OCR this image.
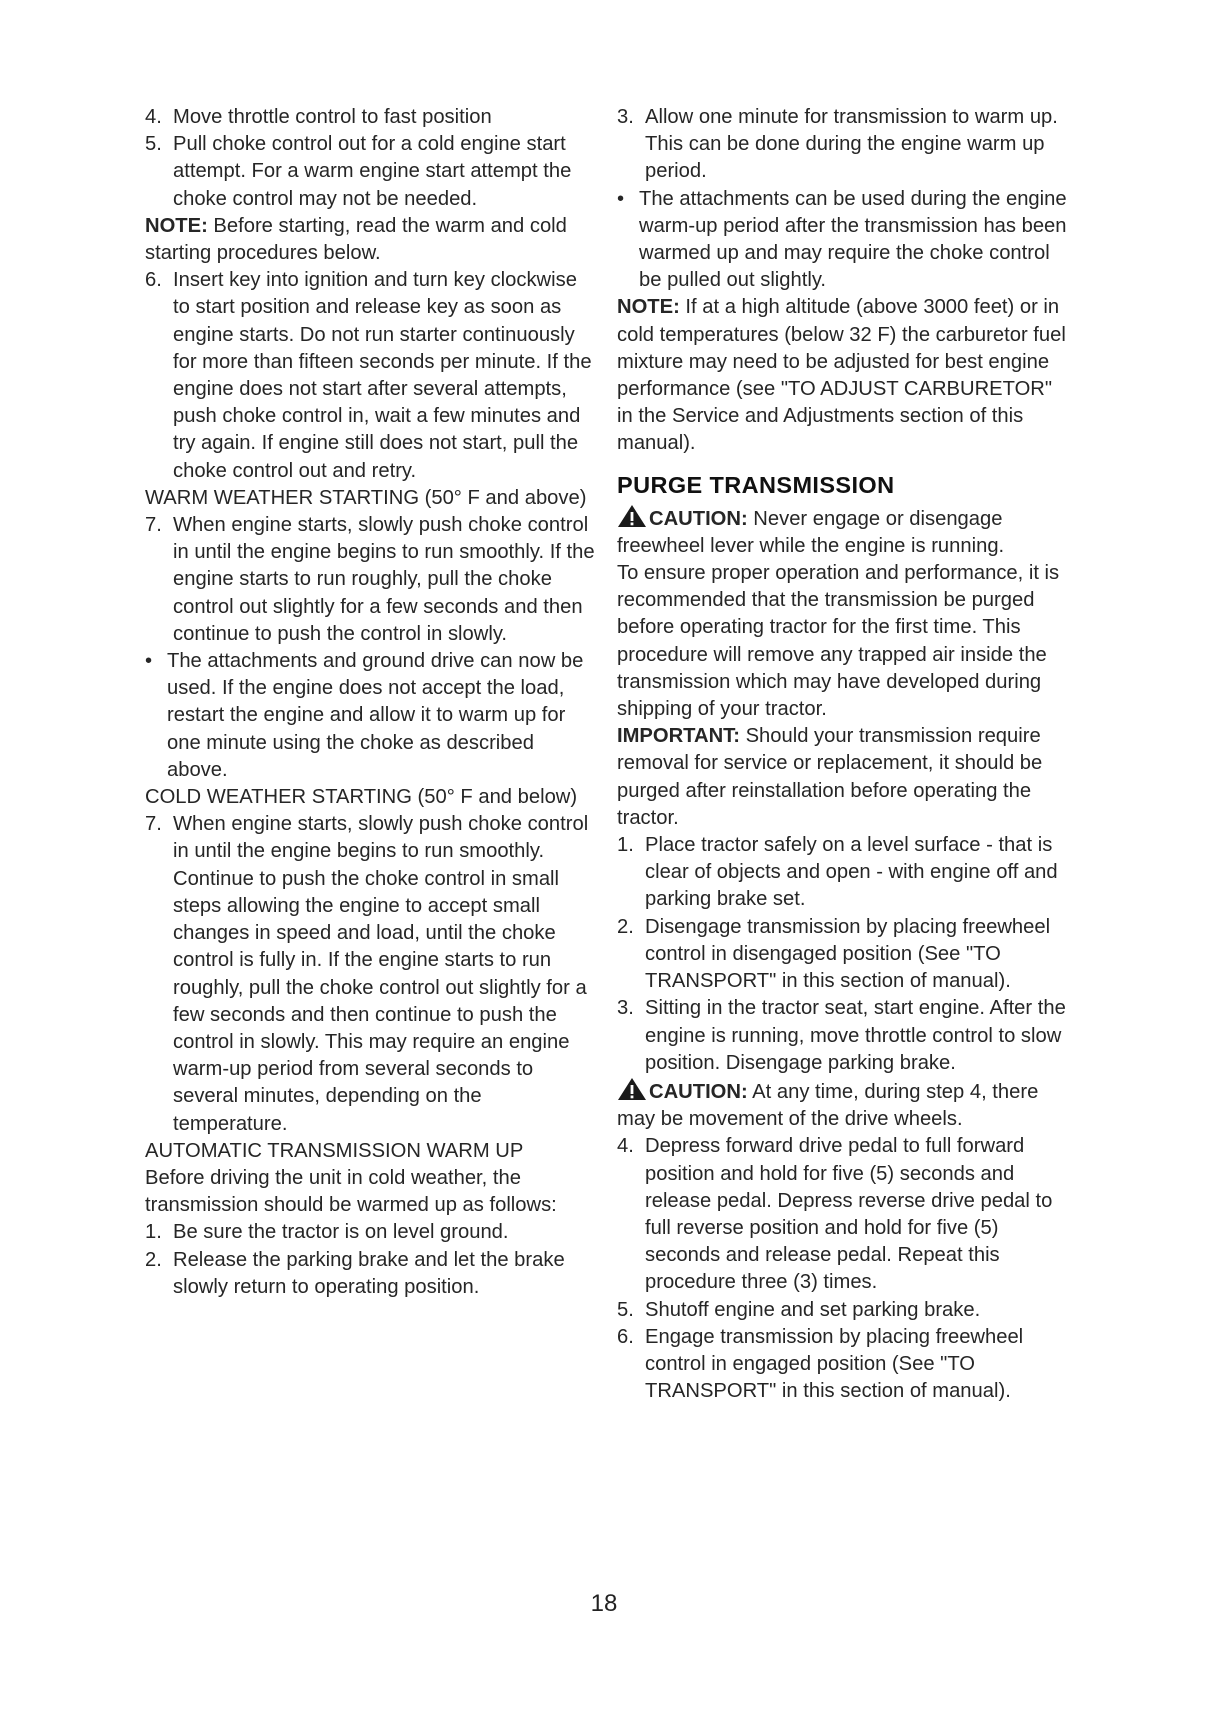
4. Move throttle control to fast position
5. Pull choke control out for a cold engine start attempt. For a warm engine start attempt the choke control may not be needed.

NOTE: Before starting, read the warm and cold starting procedures below.

6. Insert key into ignition and turn key clockwise to start position and release key as soon as engine starts. Do not run starter continuously for more than fifteen seconds per minute. If the engine does not start after several attempts, push choke control in, wait a few minutes and try again. If engine still does not start, pull the choke control out and retry.

WARM WEATHER STARTING (50° F and above)

7. When engine starts, slowly push choke control in until the engine begins to run smoothly. If the engine starts to run roughly, pull the choke control out slightly for a few seconds and then continue to push the control in slowly.
• The attachments and ground drive can now be used. If the engine does not accept the load, restart the engine and allow it to warm up for one minute using the choke as described above.

COLD WEATHER STARTING (50° F and below)

7. When engine starts, slowly push choke control in until the engine begins to run smoothly. Continue to push the choke control in small steps allowing the engine to accept small changes in speed and load, until the choke control is fully in. If the engine starts to run roughly, pull the choke control out slightly for a few seconds and then continue to push the control in slowly. This may require an engine warm-up period from several seconds to several minutes, depending on the temperature.

AUTOMATIC TRANSMISSION WARM UP

Before driving the unit in cold weather, the transmission should be warmed up as follows:

1. Be sure the tractor is on level ground.
2. Release the parking brake and let the brake slowly return to operating position.
3. Allow one minute for transmission to warm up. This can be done during the engine warm up period.
• The attachments can be used during the engine warm-up period after the transmission has been warmed up and may require the choke control be pulled out slightly.

NOTE: If at a high altitude (above 3000 feet) or in cold temperatures (below 32 F) the carburetor fuel mixture may need to be adjusted for best engine performance (see "TO ADJUST CARBURETOR" in the Service and Adjustments section of this manual).

PURGE TRANSMISSION

CAUTION: Never engage or disengage freewheel lever while the engine is running.

To ensure proper operation and performance, it is recommended that the transmission be purged before operating tractor for the first time. This procedure will remove any trapped air inside the transmission which may have developed during shipping of your tractor.

IMPORTANT: Should your transmission require removal for service or replacement, it should be purged after reinstallation before operating the tractor.

1. Place tractor safely on a level surface - that is clear of objects and open - with engine off and parking brake set.
2. Disengage transmission by placing freewheel control in disengaged position (See "TO TRANSPORT" in this section of manual).
3. Sitting in the tractor seat, start engine. After the engine is running, move throttle control to slow position. Disengage parking brake.

CAUTION: At any time, during step 4, there may be movement of the drive wheels.

4. Depress forward drive pedal to full forward position and hold for five (5) seconds and release pedal. Depress reverse drive pedal to full reverse position and hold for five (5) seconds and release pedal. Repeat this procedure three (3) times.
5. Shutoff engine and set parking brake.
6. Engage transmission by placing freewheel control in engaged position (See "TO TRANSPORT" in this section of manual).
18
